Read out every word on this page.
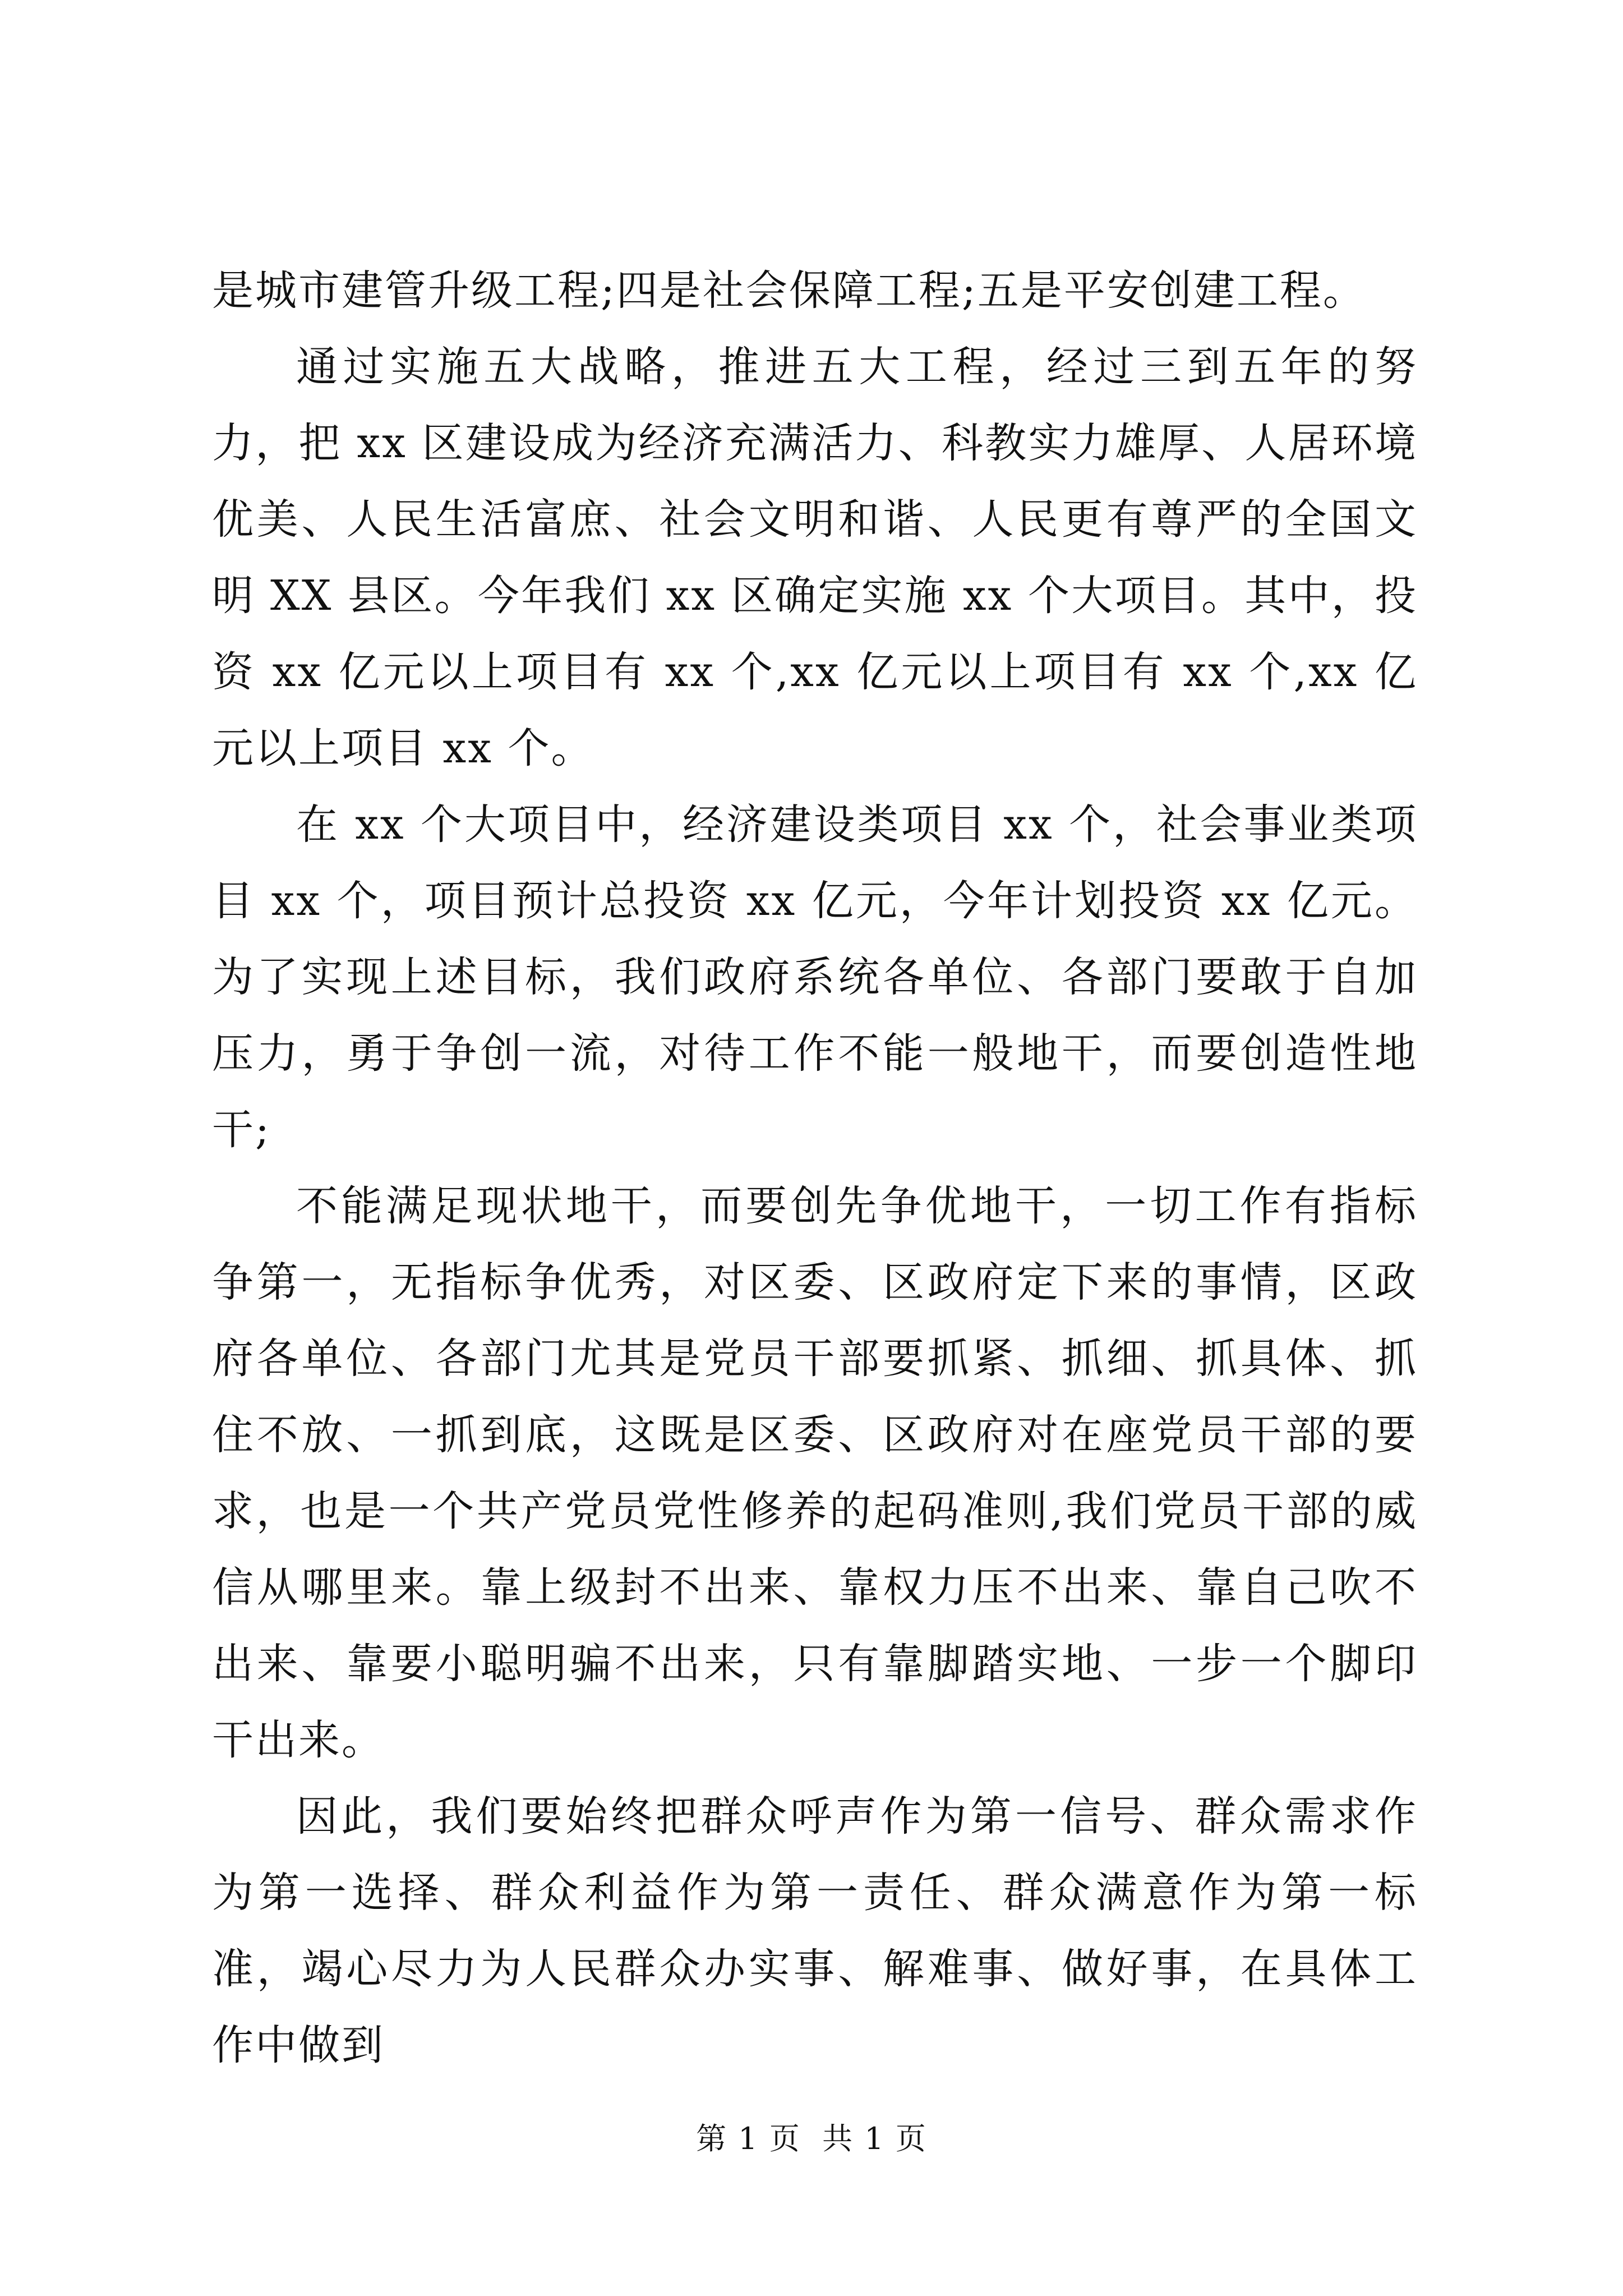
是城市建管升级工程;四是社会保障工程;五是平安创建工程。

通过实施五大战略，推进五大工程，经过三到五年的努力，把 xx 区建设成为经济充满活力、科教实力雄厚、人居环境优美、人民生活富庶、社会文明和谐、人民更有尊严的全国文明 XX 县区。今年我们 xx 区确定实施 xx 个大项目。其中，投资 xx 亿元以上项目有 xx 个,xx 亿元以上项目有 xx 个,xx 亿元以上项目 xx 个。

在 xx 个大项目中，经济建设类项目 xx 个，社会事业类项目 xx 个，项目预计总投资 xx 亿元，今年计划投资 xx 亿元。为了实现上述目标，我们政府系统各单位、各部门要敢于自加压力，勇于争创一流，对待工作不能一般地干，而要创造性地干;

不能满足现状地干，而要创先争优地干，一切工作有指标争第一，无指标争优秀，对区委、区政府定下来的事情，区政府各单位、各部门尤其是党员干部要抓紧、抓细、抓具体、抓住不放、一抓到底，这既是区委、区政府对在座党员干部的要求，也是一个共产党员党性修养的起码准则,我们党员干部的威信从哪里来。靠上级封不出来、靠权力压不出来、靠自己吹不出来、靠要小聪明骗不出来，只有靠脚踏实地、一步一个脚印干出来。

因此，我们要始终把群众呼声作为第一信号、群众需求作为第一选择、群众利益作为第一责任、群众满意作为第一标准，竭心尽力为人民群众办实事、解难事、做好事，在具体工作中做到

第 1 页  共 1 页
